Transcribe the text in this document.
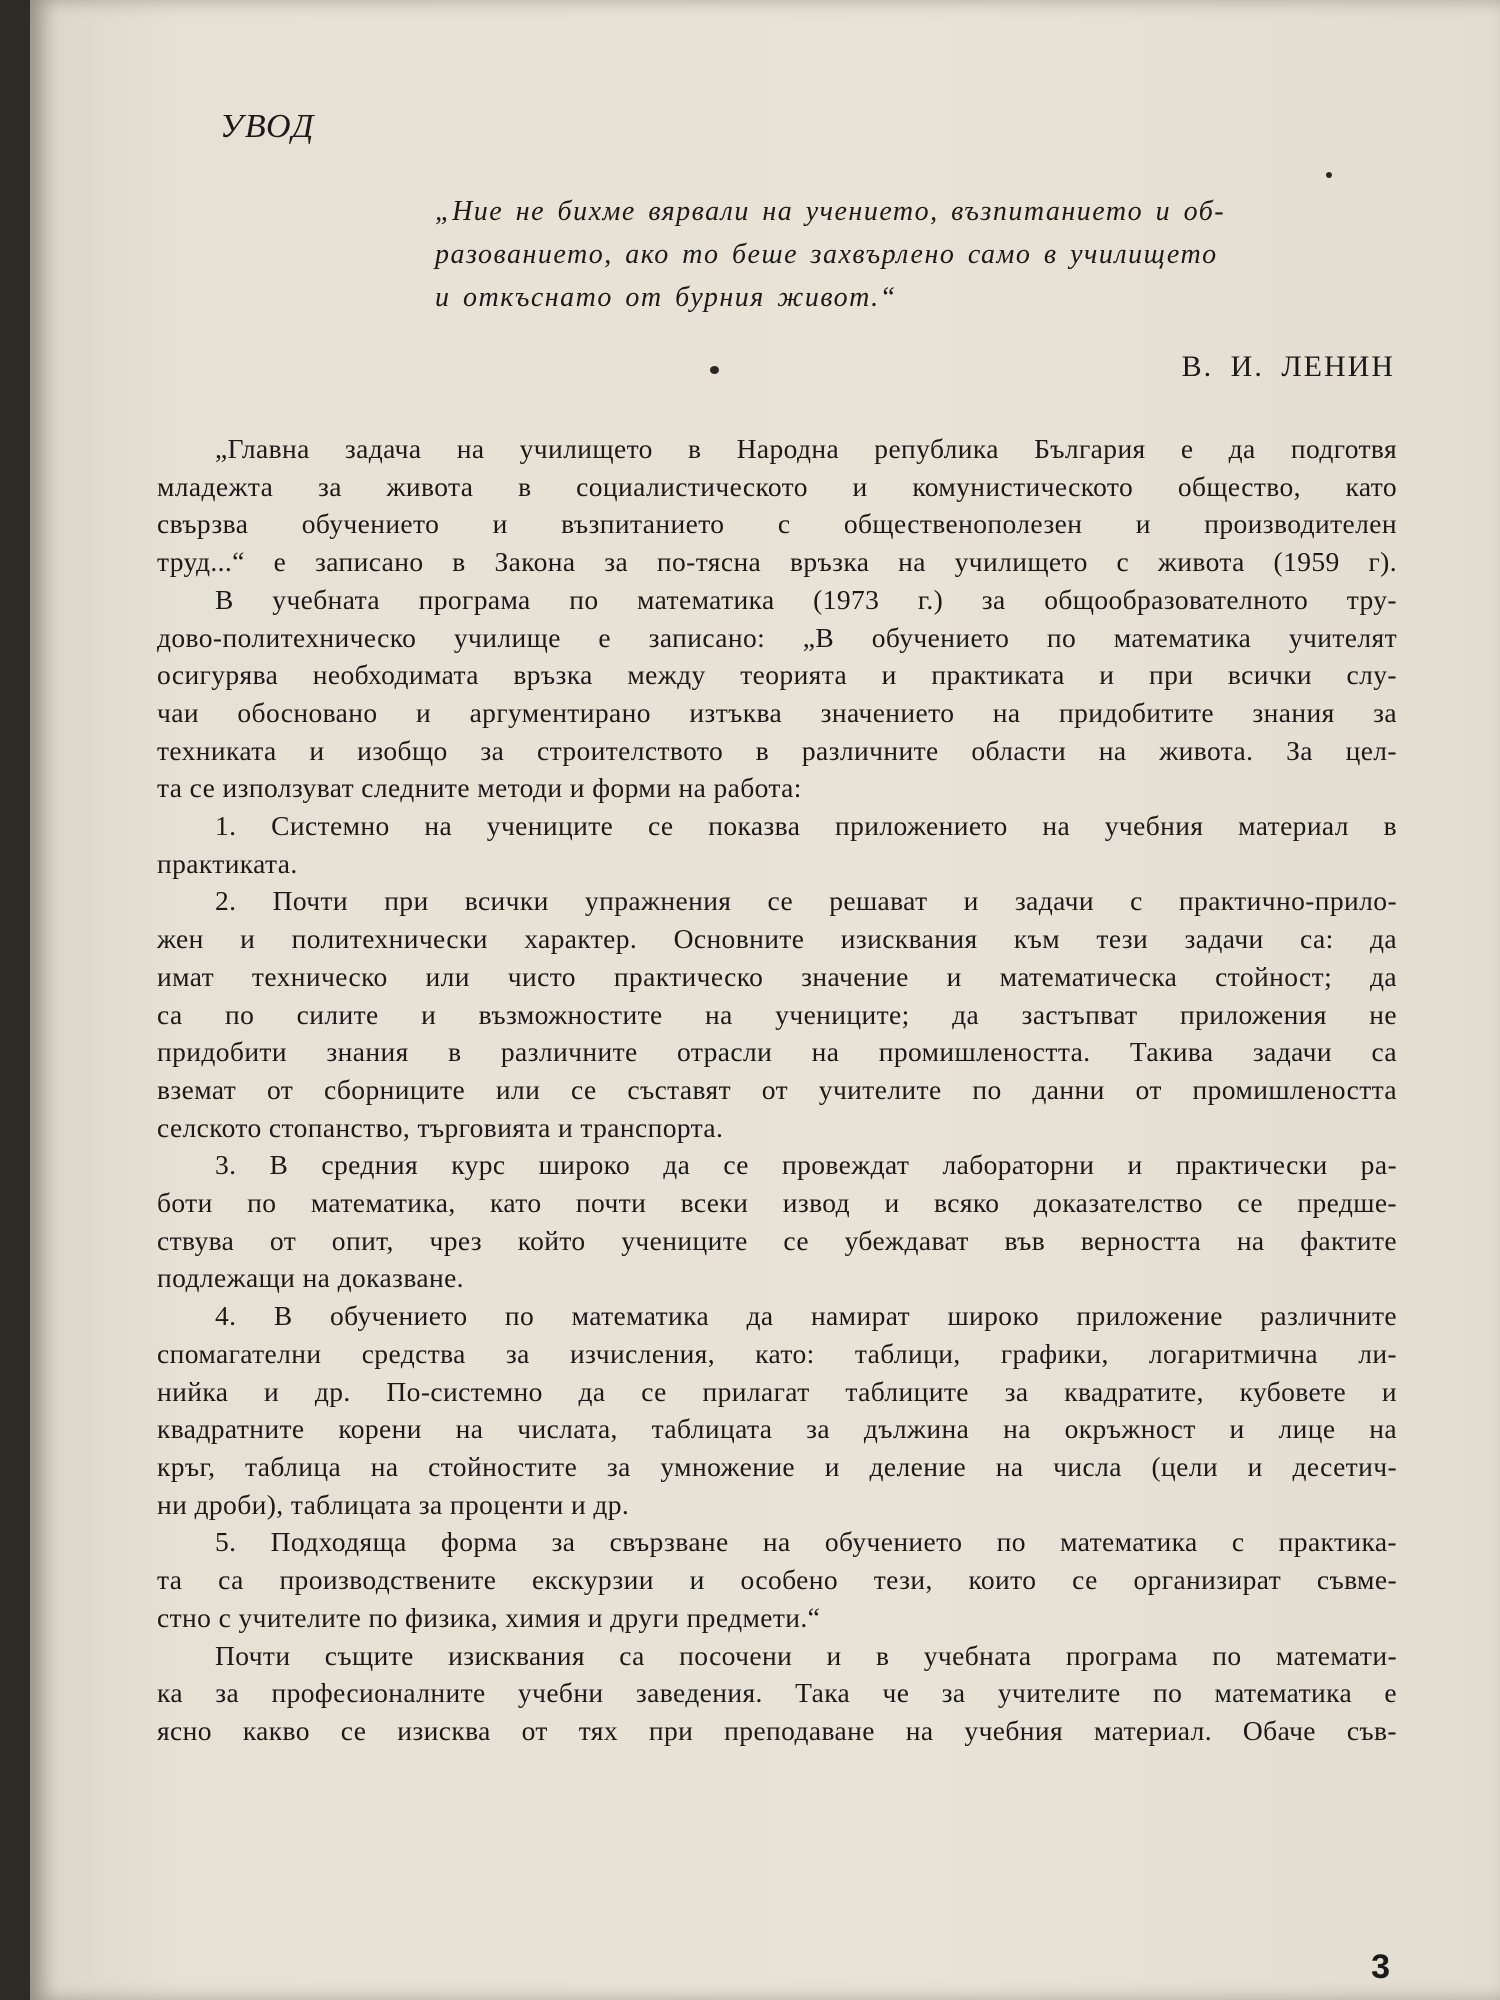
УВОД
„Ние не бихме вярвали на учението, възпитанието и об-
разованието, ако то беше захвърлено само в училището
и откъснато от бурния живот.“
В. И. ЛЕНИН
„Главна задача на училището в Народна република България е да подготвя
младежта за живота в социалистическото и комунистическото общество, като
свързва обучението и възпитанието с общественополезен и производителен
труд...“ е записано в Закона за по-тясна връзка на училището с живота (1959 г).
В учебната програма по математика (1973 г.) за общообразователното тру-
дово-политехническо училище е записано: „В обучението по математика учителят
осигурява необходимата връзка между теорията и практиката и при всички слу-
чаи обосновано и аргументирано изтъква значението на придобитите знания за
техниката и изобщо за строителството в различните области на живота. За цел-
та се използуват следните методи и форми на работа:
1. Системно на учениците се показва приложението на учебния материал в
практиката.
2. Почти при всички упражнения се решават и задачи с практично-прило-
жен и политехнически характер. Основните изисквания към тези задачи са: да
имат техническо или чисто практическо значение и математическа стойност; да
са по силите и възможностите на учениците; да застъпват приложения не
придобити знания в различните отрасли на промишлеността. Такива задачи са
вземат от сборниците или се съставят от учителите по данни от промишлеността
селското стопанство, търговията и транспорта.
3. В средния курс широко да се провеждат лабораторни и практически ра-
боти по математика, като почти всеки извод и всяко доказателство се предше-
ствува от опит, чрез който учениците се убеждават във верността на фактите
подлежащи на доказване.
4. В обучението по математика да намират широко приложение различните
спомагателни средства за изчисления, като: таблици, графики, логаритмична ли-
нийка и др. По-системно да се прилагат таблиците за квадратите, кубовете и
квадратните корени на числата, таблицата за дължина на окръжност и лице на
кръг, таблица на стойностите за умножение и деление на числа (цели и десетич-
ни дроби), таблицата за проценти и др.
5. Подходяща форма за свързване на обучението по математика с практика-
та са производствените екскурзии и особено тези, които се организират съвме-
стно с учителите по физика, химия и други предмети.“
Почти същите изисквания са посочени и в учебната програма по математи-
ка за професионалните учебни заведения. Така че за учителите по математика е
ясно какво се изисква от тях при преподаване на учебния материал. Обаче съв-
3
